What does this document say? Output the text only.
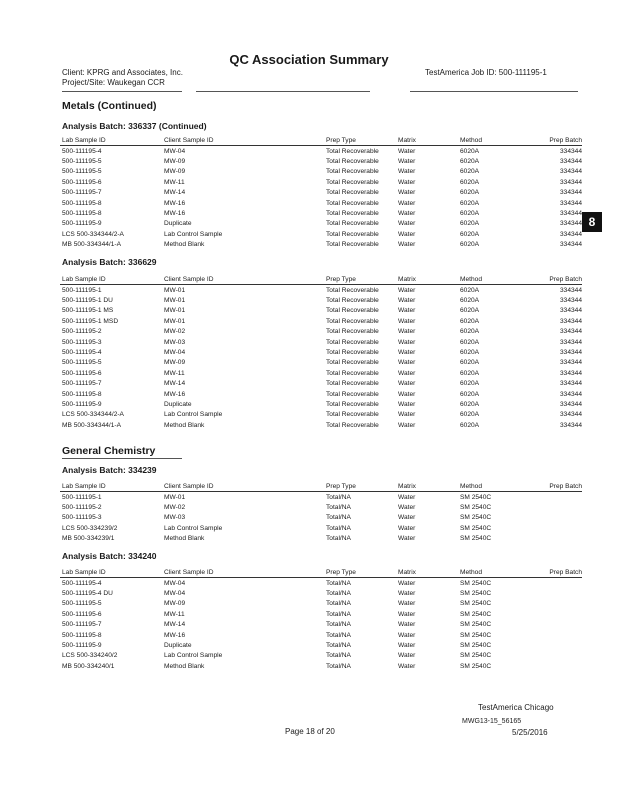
QC Association Summary
Client: KPRG and Associates, Inc.
Project/Site: Waukegan CCR
TestAmerica Job ID: 500-111195-1
Metals (Continued)
Analysis Batch: 336337 (Continued)
Lab Sample ID	Client Sample ID	Prep Type	Matrix	Method	Prep Batch
500-111195-4	MW-04	Total Recoverable	Water	6020A	334344
500-111195-5	MW-09	Total Recoverable	Water	6020A	334344
500-111195-5	MW-09	Total Recoverable	Water	6020A	334344
500-111195-6	MW-11	Total Recoverable	Water	6020A	334344
500-111195-7	MW-14	Total Recoverable	Water	6020A	334344
500-111195-8	MW-16	Total Recoverable	Water	6020A	334344
500-111195-8	MW-16	Total Recoverable	Water	6020A	334344
500-111195-9	Duplicate	Total Recoverable	Water	6020A	334344
LCS 500-334344/2-A	Lab Control Sample	Total Recoverable	Water	6020A	334344
MB 500-334344/1-A	Method Blank	Total Recoverable	Water	6020A	334344
Analysis Batch: 336629
Lab Sample ID	Client Sample ID	Prep Type	Matrix	Method	Prep Batch
500-111195-1	MW-01	Total Recoverable	Water	6020A	334344
500-111195-1 DU	MW-01	Total Recoverable	Water	6020A	334344
500-111195-1 MS	MW-01	Total Recoverable	Water	6020A	334344
500-111195-1 MSD	MW-01	Total Recoverable	Water	6020A	334344
500-111195-2	MW-02	Total Recoverable	Water	6020A	334344
500-111195-3	MW-03	Total Recoverable	Water	6020A	334344
500-111195-4	MW-04	Total Recoverable	Water	6020A	334344
500-111195-5	MW-09	Total Recoverable	Water	6020A	334344
500-111195-6	MW-11	Total Recoverable	Water	6020A	334344
500-111195-7	MW-14	Total Recoverable	Water	6020A	334344
500-111195-8	MW-16	Total Recoverable	Water	6020A	334344
500-111195-9	Duplicate	Total Recoverable	Water	6020A	334344
LCS 500-334344/2-A	Lab Control Sample	Total Recoverable	Water	6020A	334344
MB 500-334344/1-A	Method Blank	Total Recoverable	Water	6020A	334344
General Chemistry
Analysis Batch: 334239
Lab Sample ID	Client Sample ID	Prep Type	Matrix	Method	Prep Batch
500-111195-1	MW-01	Total/NA	Water	SM 2540C	
500-111195-2	MW-02	Total/NA	Water	SM 2540C	
500-111195-3	MW-03	Total/NA	Water	SM 2540C	
LCS 500-334239/2	Lab Control Sample	Total/NA	Water	SM 2540C	
MB 500-334239/1	Method Blank	Total/NA	Water	SM 2540C	
Analysis Batch: 334240
Lab Sample ID	Client Sample ID	Prep Type	Matrix	Method	Prep Batch
500-111195-4	MW-04	Total/NA	Water	SM 2540C	
500-111195-4 DU	MW-04	Total/NA	Water	SM 2540C	
500-111195-5	MW-09	Total/NA	Water	SM 2540C	
500-111195-6	MW-11	Total/NA	Water	SM 2540C	
500-111195-7	MW-14	Total/NA	Water	SM 2540C	
500-111195-8	MW-16	Total/NA	Water	SM 2540C	
500-111195-9	Duplicate	Total/NA	Water	SM 2540C	
LCS 500-334240/2	Lab Control Sample	Total/NA	Water	SM 2540C	
MB 500-334240/1	Method Blank	Total/NA	Water	SM 2540C	
8
TestAmerica Chicago
MWG13-15_56165
Page 18 of 20	5/25/2016
